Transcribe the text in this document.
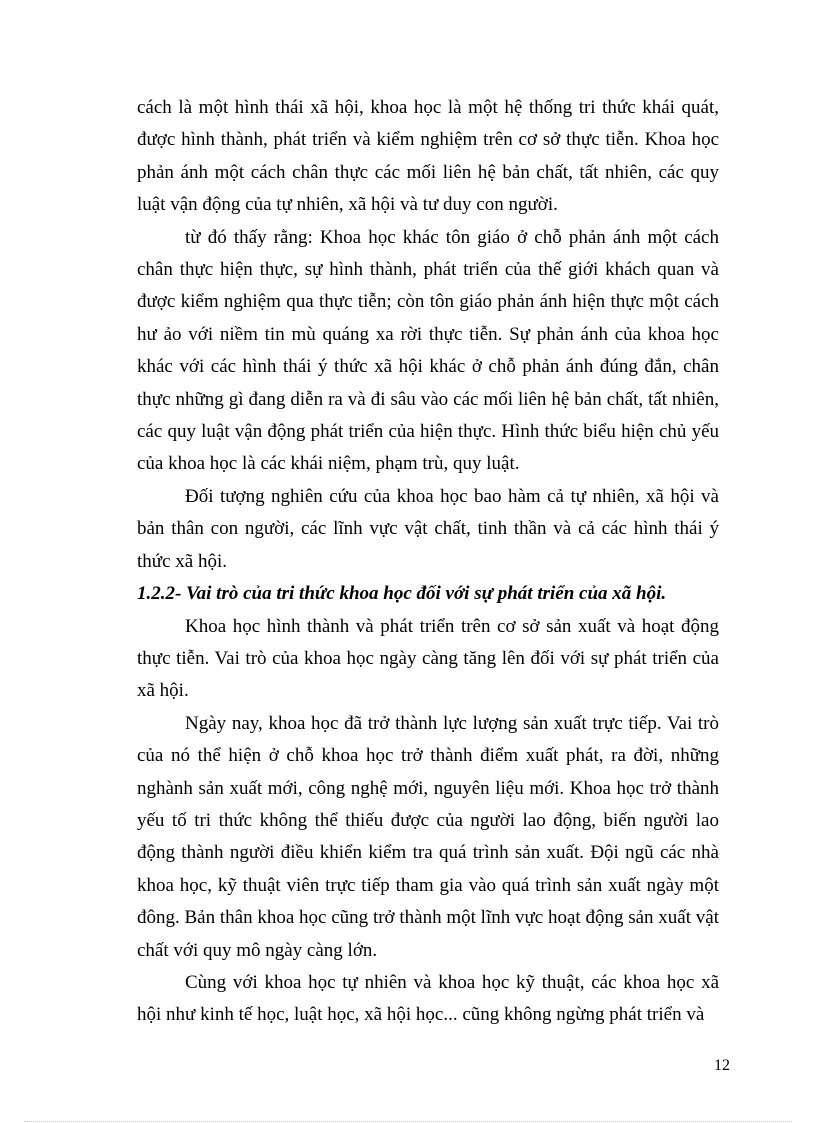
cách là một hình thái xã hội, khoa học là một hệ thống tri thức khái quát, được hình thành, phát triển và kiểm nghiệm trên cơ sở thực tiễn. Khoa học phản ánh một cách chân thực các mối liên hệ bản chất, tất nhiên, các quy luật vận động của tự nhiên, xã hội và tư duy con người.

từ đó thấy rằng: Khoa học khác tôn giáo ở chỗ phản ánh một cách chân thực hiện thực, sự hình thành, phát triển của thế giới khách quan và được kiểm nghiệm qua thực tiễn; còn tôn giáo phản ánh hiện thực một cách hư ảo với niềm tin mù quáng xa rời thực tiễn. Sự phản ánh của khoa học khác với các hình thái ý thức xã hội khác ở chỗ phản ánh đúng đắn, chân thực những gì đang diễn ra và đi sâu vào các mối liên hệ bản chất, tất nhiên, các quy luật vận động phát triển của hiện thực. Hình thức biểu hiện chủ yếu của khoa học là các khái niệm, phạm trù, quy luật.

Đối tượng nghiên cứu của khoa học bao hàm cả tự nhiên, xã hội và bản thân con người, các lĩnh vực vật chất, tinh thần và cả các hình thái ý thức xã hội.

1.2.2- Vai trò của tri thức khoa học đối với sự phát triển của xã hội.

Khoa học hình thành và phát triển trên cơ sở sản xuất và hoạt động thực tiễn. Vai trò của khoa học ngày càng tăng lên đối với sự phát triển của xã hội.

Ngày nay, khoa học đã trở thành lực lượng sản xuất trực tiếp. Vai trò của nó thể hiện ở chỗ khoa học trở thành điểm xuất phát, ra đời, những nghành sản xuất mới, công nghệ mới, nguyên liệu mới. Khoa học trở thành yếu tố tri thức không thể thiếu được của người lao động, biến người lao động thành người điều khiển kiểm tra quá trình sản xuất. Đội ngũ các nhà khoa học, kỹ thuật viên trực tiếp tham gia vào quá trình sản xuất ngày một đông. Bản thân khoa học cũng trở thành một lĩnh vực hoạt động sản xuất vật chất với quy mô ngày càng lớn.

Cùng với khoa học tự nhiên và khoa học kỹ thuật, các khoa học xã hội như kinh tế học, luật học, xã hội học... cũng không ngừng phát triển và

12
